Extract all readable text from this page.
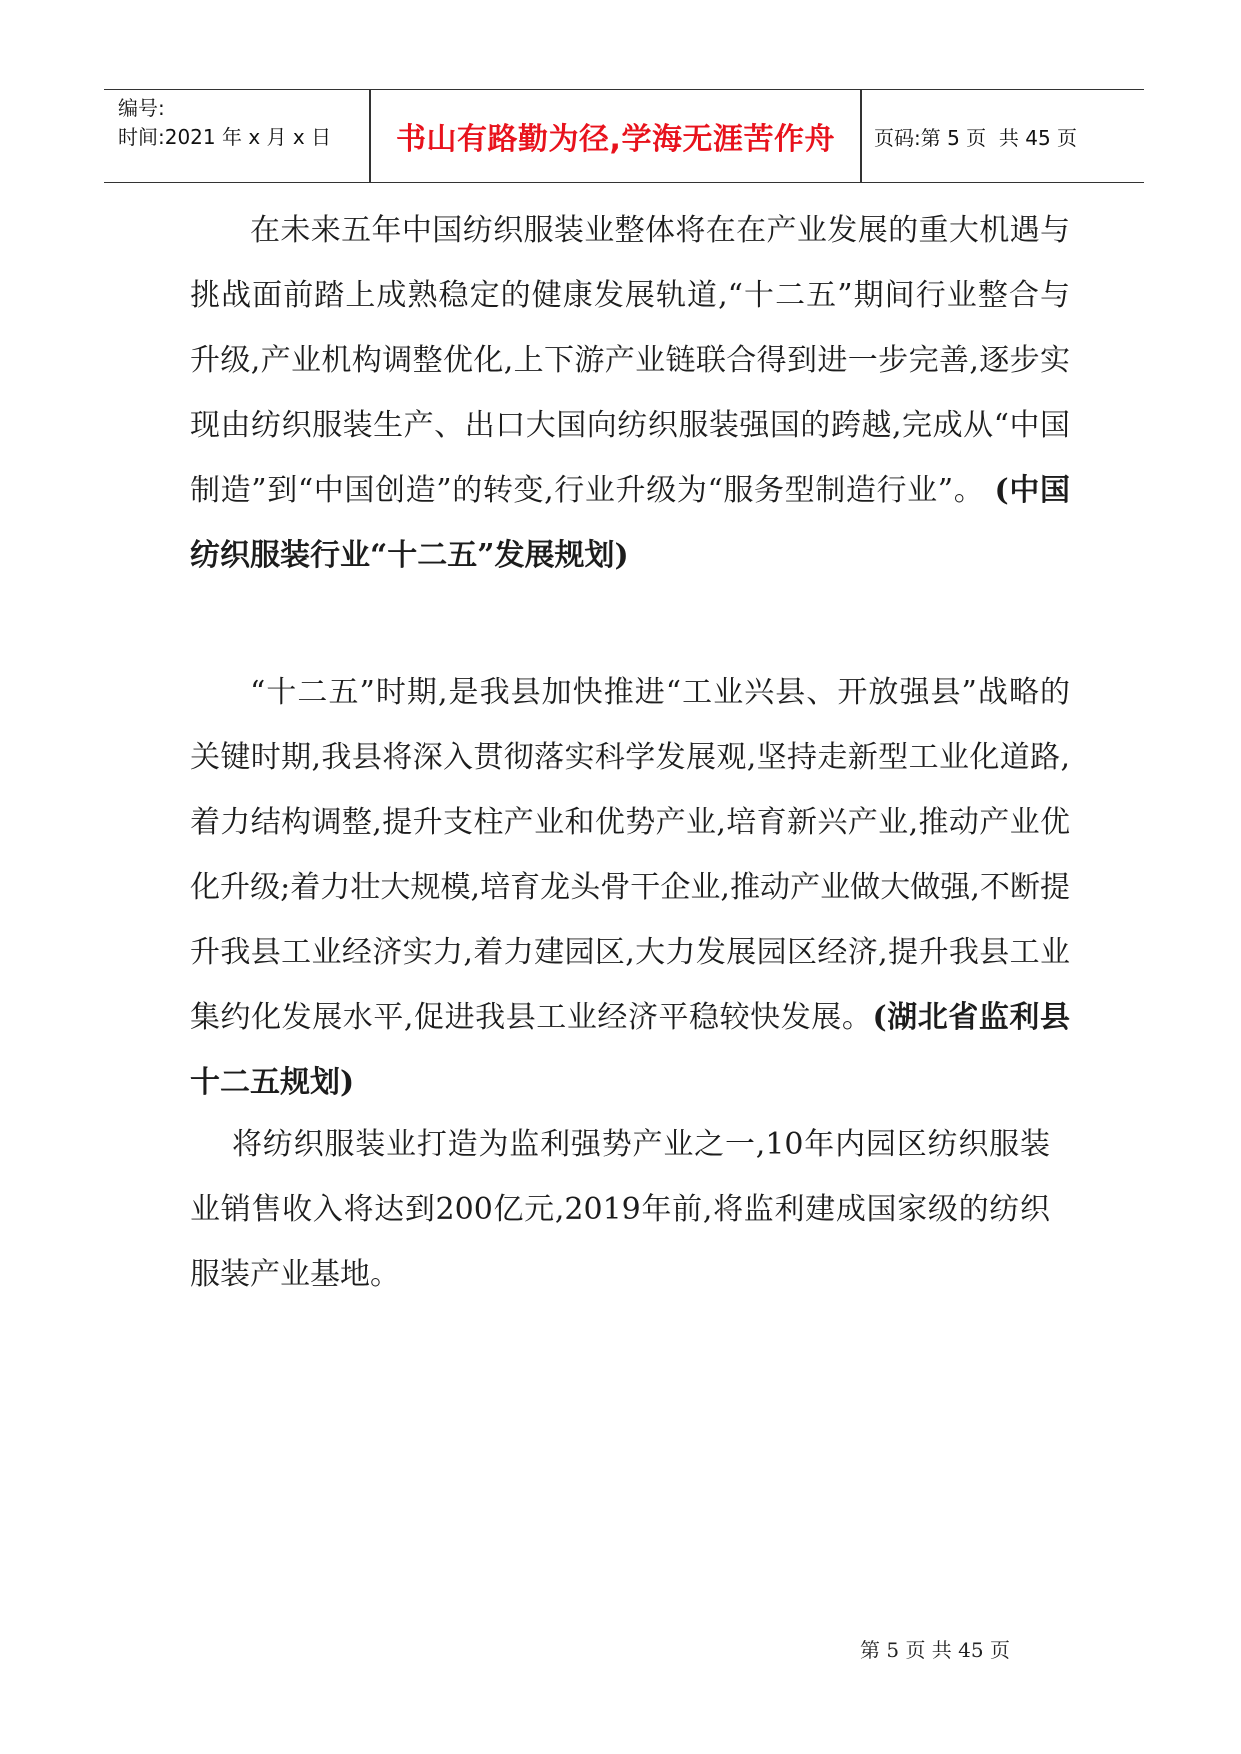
编号:
时间:2021 年 x 月 x 日	书山有路勤为径,学海无涯苦作舟	页码:第 5 页  共 45 页
在未来五年中国纺织服装业整体将在在产业发展的重大机遇与挑战面前踏上成熟稳定的健康发展轨道,“十二五”期间行业整合与升级,产业机构调整优化,上下游产业链联合得到进一步完善,逐步实现由纺织服装生产、出口大国向纺织服装强国的跨越,完成从“中国制造”到“中国创造”的转变,行业升级为“服务型制造行业”。 (中国纺织服装行业“十二五”发展规划)
“十二五”时期,是我县加快推进“工业兴县、开放强县”战略的关键时期,我县将深入贯彻落实科学发展观,坚持走新型工业化道路,着力结构调整,提升支柱产业和优势产业,培育新兴产业,推动产业优化升级;着力壮大规模,培育龙头骨干企业,推动产业做大做强,不断提升我县工业经济实力,着力建园区,大力发展园区经济,提升我县工业集约化发展水平,促进我县工业经济平稳较快发展。(湖北省监利县十二五规划)
将纺织服装业打造为监利强势产业之一,10年内园区纺织服装业销售收入将达到200亿元,2019年前,将监利建成国家级的纺织服装产业基地。
第 5 页 共 45 页
